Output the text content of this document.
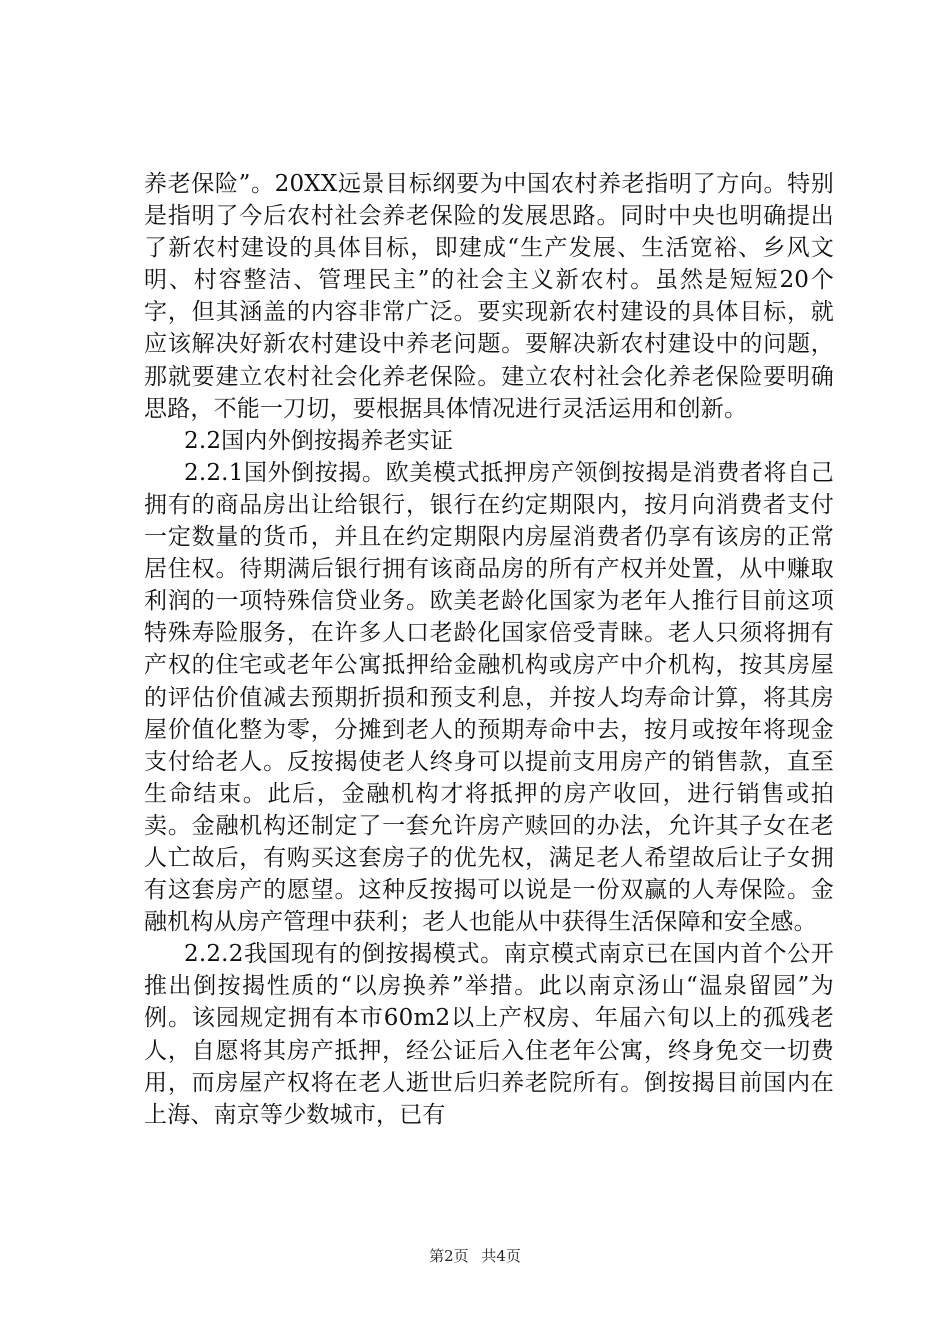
养老保险”。20XX远景目标纲要为中国农村养老指明了方向。特别是指明了今后农村社会养老保险的发展思路。同时中央也明确提出了新农村建设的具体目标，即建成“生产发展、生活宽裕、乡风文明、村容整洁、管理民主”的社会主义新农村。虽然是短短20个字，但其涵盖的内容非常广泛。要实现新农村建设的具体目标，就应该解决好新农村建设中养老问题。要解决新农村建设中的问题，那就要建立农村社会化养老保险。建立农村社会化养老保险要明确思路，不能一刀切，要根据具体情况进行灵活运用和创新。

2.2国内外倒按揭养老实证

2.2.1国外倒按揭。欧美模式抵押房产领倒按揭是消费者将自己拥有的商品房出让给银行，银行在约定期限内，按月向消费者支付一定数量的货币，并且在约定期限内房屋消费者仍享有该房的正常居住权。待期满后银行拥有该商品房的所有产权并处置，从中赚取利润的一项特殊信贷业务。欧美老龄化国家为老年人推行目前这项特殊寿险服务，在许多人口老龄化国家倍受青睐。老人只须将拥有产权的住宅或老年公寓抵押给金融机构或房产中介机构，按其房屋的评估价值减去预期折损和预支利息，并按人均寿命计算，将其房屋价值化整为零，分摊到老人的预期寿命中去，按月或按年将现金支付给老人。反按揭使老人终身可以提前支用房产的销售款，直至生命结束。此后，金融机构才将抵押的房产收回，进行销售或拍卖。金融机构还制定了一套允许房产赎回的办法，允许其子女在老人亡故后，有购买这套房子的优先权，满足老人希望故后让子女拥有这套房产的愿望。这种反按揭可以说是一份双赢的人寿保险。金融机构从房产管理中获利；老人也能从中获得生活保障和安全感。

2.2.2我国现有的倒按揭模式。南京模式南京已在国内首个公开推出倒按揭性质的“以房换养”举措。此以南京汤山“温泉留园”为例。该园规定拥有本市60m2以上产权房、年届六旬以上的孤残老人，自愿将其房产抵押，经公证后入住老年公寓，终身免交一切费用，而房屋产权将在老人逝世后归养老院所有。倒按揭目前国内在上海、南京等少数城市，已有

第2页 共4页
